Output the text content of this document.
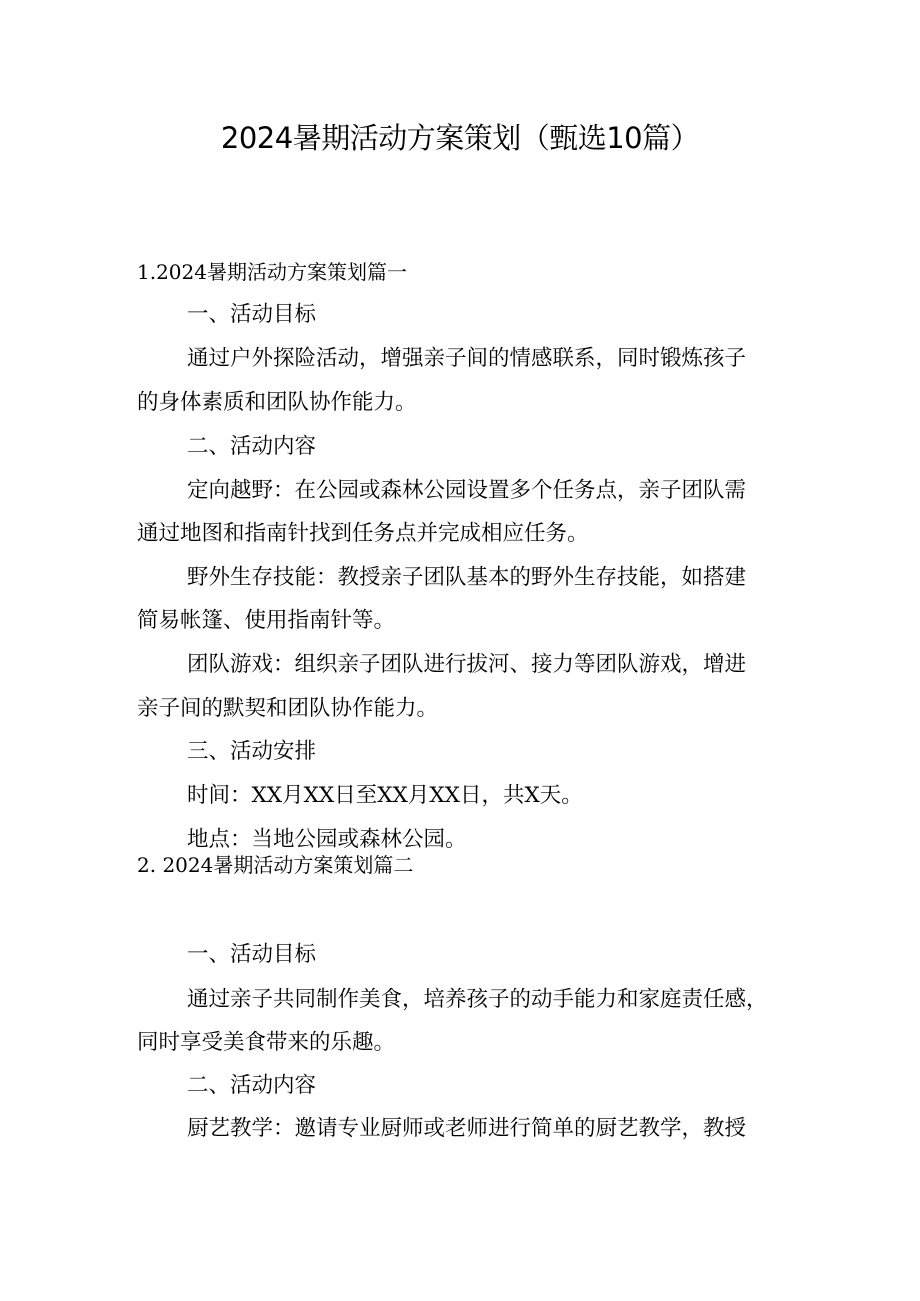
2024暑期活动方案策划（甄选10篇）
1.2024暑期活动方案策划篇一

一、活动目标

通过户外探险活动，增强亲子间的情感联系，同时锻炼孩子

的身体素质和团队协作能力。

二、活动内容

定向越野：在公园或森林公园设置多个任务点，亲子团队需

通过地图和指南针找到任务点并完成相应任务。

野外生存技能：教授亲子团队基本的野外生存技能，如搭建

简易帐篷、使用指南针等。

团队游戏：组织亲子团队进行拔河、接力等团队游戏，增进

亲子间的默契和团队协作能力。

三、活动安排

时间：XX月XX日至XX月XX日，共X天。

地点：当地公园或森林公园。

2. 2024暑期活动方案策划篇二

一、活动目标

通过亲子共同制作美食，培养孩子的动手能力和家庭责任感，

同时享受美食带来的乐趣。

二、活动内容

厨艺教学：邀请专业厨师或老师进行简单的厨艺教学，教授
